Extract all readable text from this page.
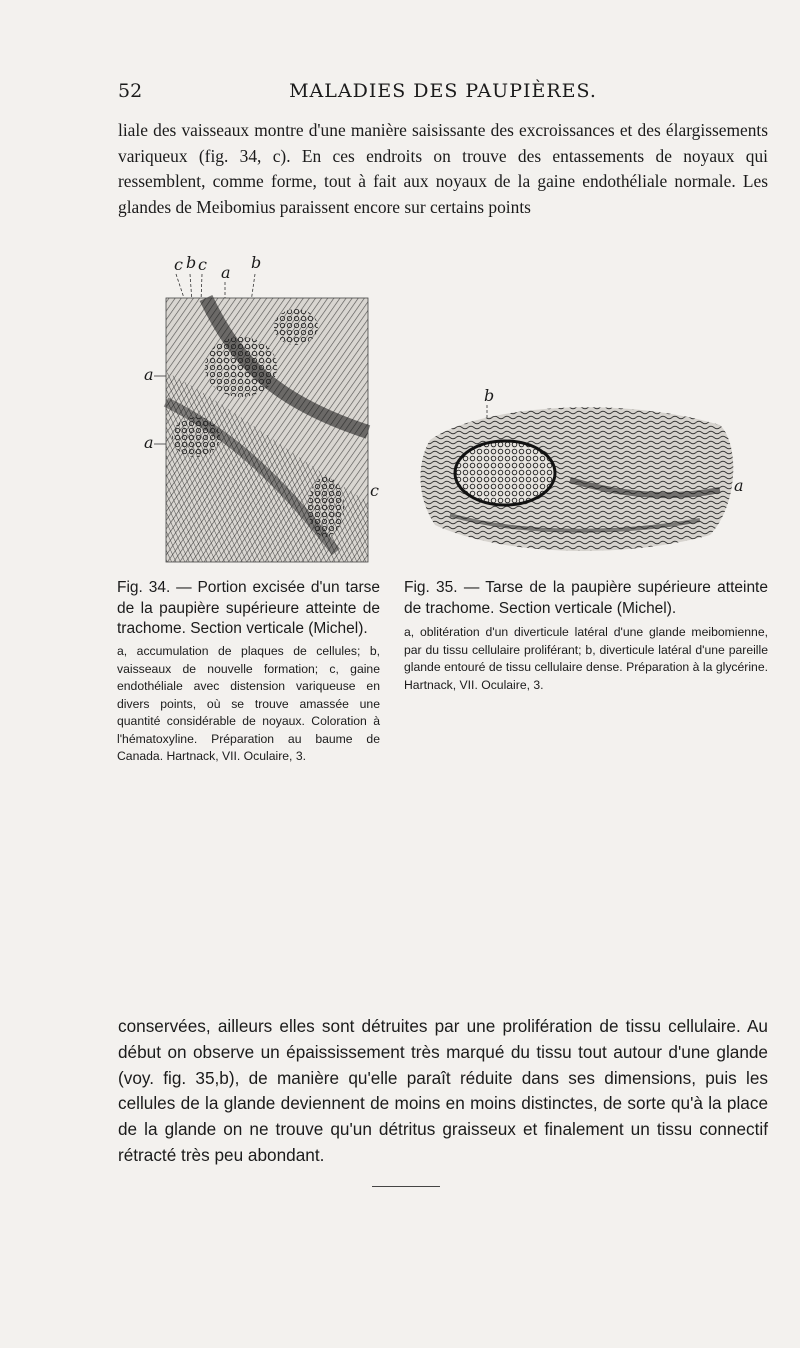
52	MALADIES DES PAUPIÈRES.

liale des vaisseaux montre d'une manière saisissante des excroissances et des élargissements variqueux (fig. 34, c). En ces endroits on trouve des entassements de noyaux qui ressemblent, comme forme, tout à fait aux noyaux de la gaine endothéliale normale. Les glandes de Meibomius paraissent encore sur certains points

c b c a
b
a
a
c
b
a
Fig. 34. — Portion excisée d'un tarse de la paupière supérieure atteinte de trachome. Section verticale (Michel).
a, accumulation de plaques de cellules; b, vaisseaux de nouvelle formation; c, gaine endothéliale avec distension variqueuse en divers points, où se trouve amassée une quantité considérable de noyaux. Coloration à l'hématoxyline. Préparation au baume de Canada. Hartnack, VII. Oculaire, 3.
Fig. 35. — Tarse de la paupière supérieure atteinte de trachome. Section verticale (Michel).
a, oblitération d'un diverticule latéral d'une glande meibomienne, par du tissu cellulaire proliférant; b, diverticule latéral d'une pareille glande entouré de tissu cellulaire dense. Préparation à la glycérine. Hartnack, VII. Oculaire, 3.

conservées, ailleurs elles sont détruites par une prolifération de tissu cellulaire. Au début on observe un épaississement très marqué du tissu tout autour d'une glande (voy. fig. 35,b), de manière qu'elle paraît réduite dans ses dimensions, puis les cellules de la glande deviennent de moins en moins distinctes, de sorte qu'à la place de la glande on ne trouve qu'un détritus graisseux et finalement un tissu connectif rétracté très peu abondant.
